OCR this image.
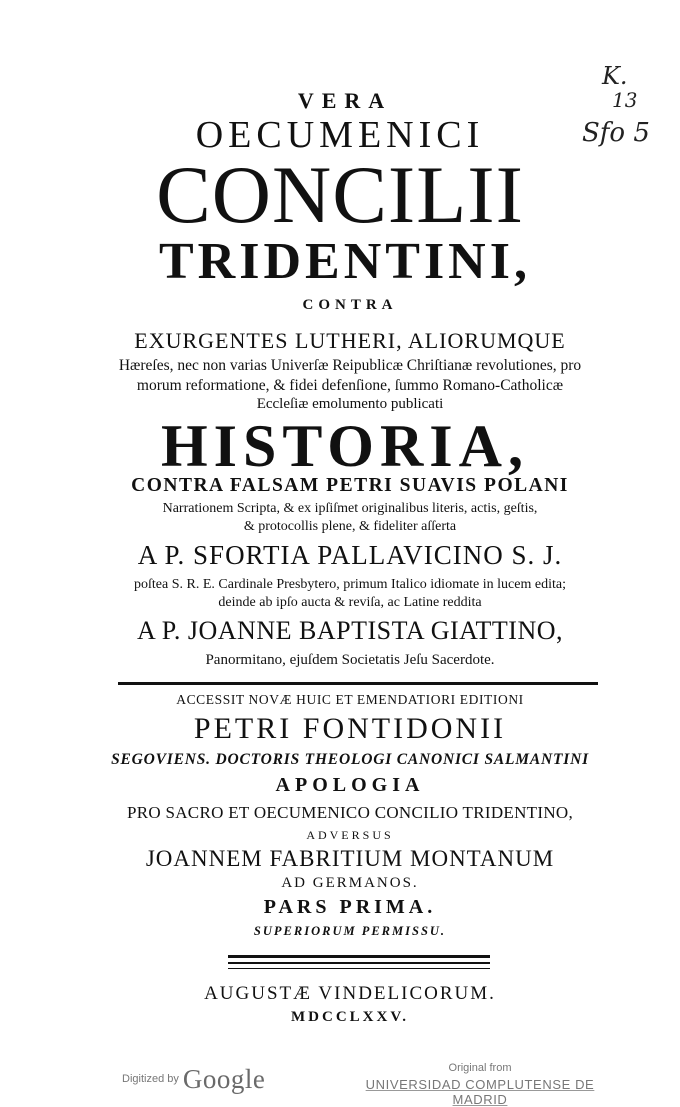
K.
13
Sfo 5
VERA
OECUMENICI
CONCILII
TRIDENTINI,
CONTRA
EXURGENTES LUTHERI, ALIORUMQUE
Hæreſes, nec non varias Univerſæ Reipublicæ Chriſtianæ revolutiones, pro
morum reformatione, & fidei defenſione, ſummo Romano-Catholicæ
Eccleſiæ emolumento publicati
HISTORIA,
CONTRA FALSAM PETRI SUAVIS POLANI
Narrationem Scripta, & ex ipſiſmet originalibus literis, actis, geſtis,
& protocollis plene, & fideliter aſſerta
A P. SFORTIA PALLAVICINO S. J.
poſtea S. R. E. Cardinale Presbytero, primum Italico idiomate in lucem edita;
deinde ab ipſo aucta & reviſa, ac Latine reddita
A P. JOANNE BAPTISTA GIATTINO,
Panormitano, ejuſdem Societatis Jeſu Sacerdote.
ACCESSIT NOVÆ HUIC ET EMENDATIORI EDITIONI
PETRI FONTIDONII
SEGOVIENS. DOCTORIS THEOLOGI CANONICI SALMANTINI
APOLOGIA
PRO SACRO ET OECUMENICO CONCILIO TRIDENTINO,
ADVERSUS
JOANNEM FABRITIUM MONTANUM
AD GERMANOS.
PARS PRIMA.
SUPERIORUM PERMISSU.
AUGUSTÆ VINDELICORUM.
MDCCLXXV.
$^{Digitized by}$ Google	Original from
UNIVERSIDAD COMPLUTENSE DE MADRID
